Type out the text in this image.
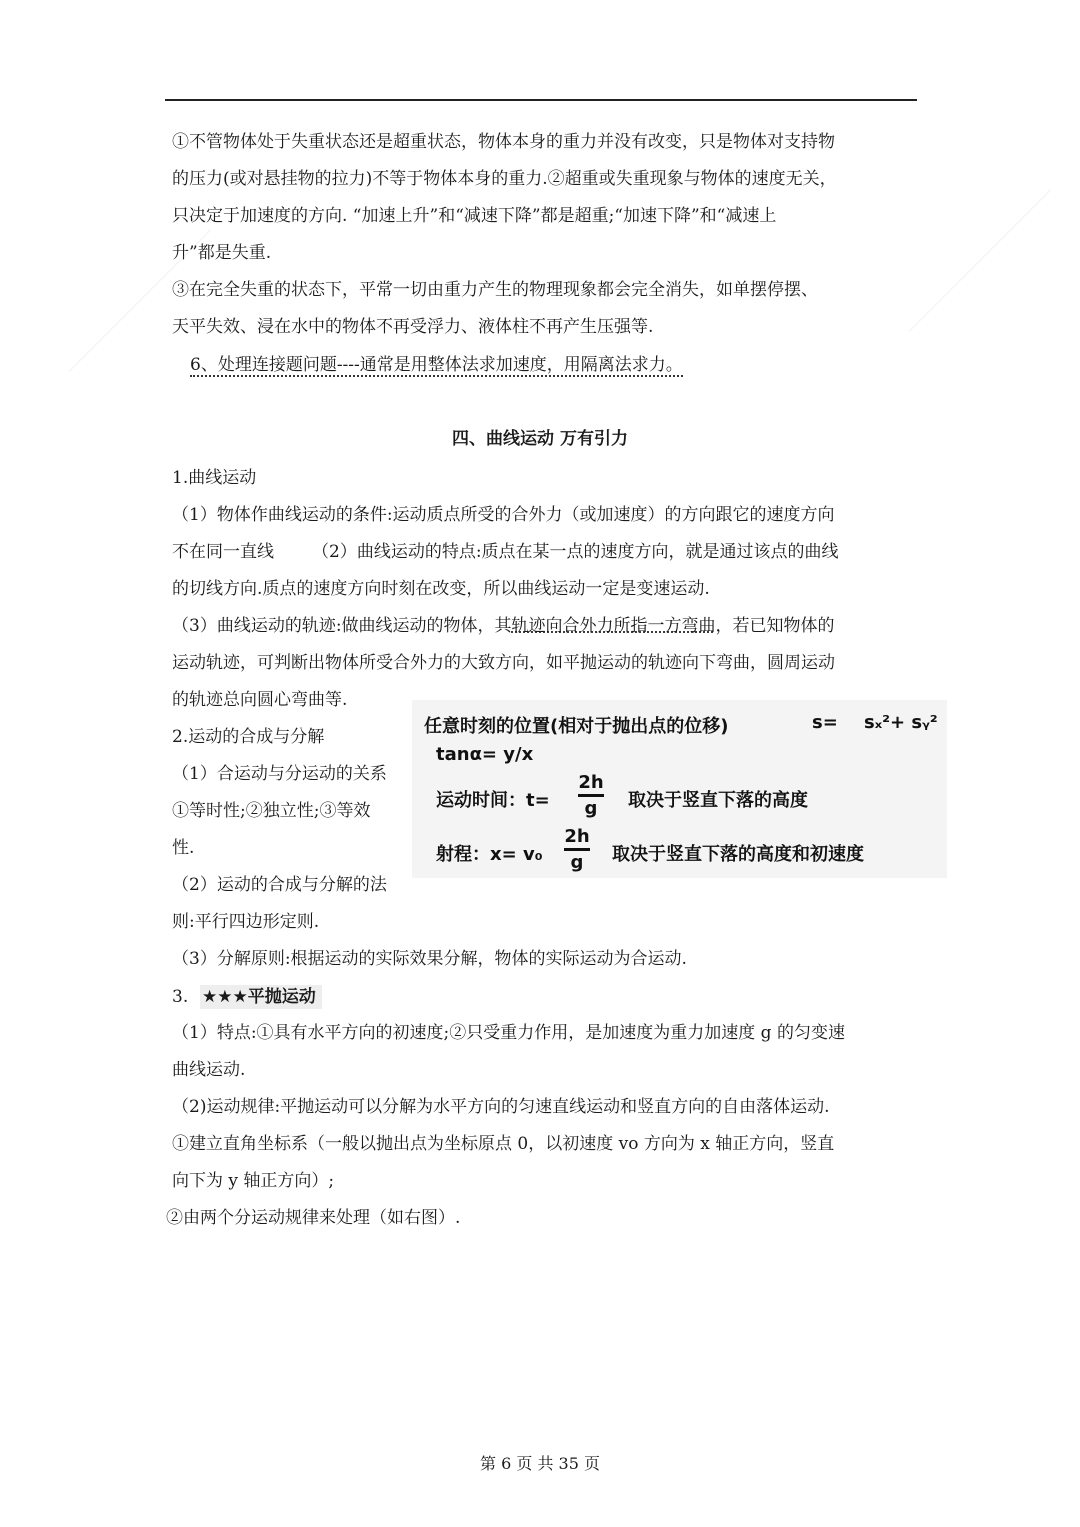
①不管物体处于失重状态还是超重状态，物体本身的重力并没有改变，只是物体对支持物
的压力(或对悬挂物的拉力)不等于物体本身的重力.②超重或失重现象与物体的速度无关，
只决定于加速度的方向. “加速上升”和“减速下降”都是超重;“加速下降”和“减速上
升”都是失重.
③在完全失重的状态下，平常一切由重力产生的物理现象都会完全消失，如单摆停摆、
天平失效、浸在水中的物体不再受浮力、液体柱不再产生压强等.
6、处理连接题问题----通常是用整体法求加速度，用隔离法求力。
四、曲线运动 万有引力
1.曲线运动
（1）物体作曲线运动的条件:运动质点所受的合外力（或加速度）的方向跟它的速度方向
不在同一直线 （2）曲线运动的特点:质点在某一点的速度方向，就是通过该点的曲线
的切线方向.质点的速度方向时刻在改变，所以曲线运动一定是变速运动.
（3）曲线运动的轨迹:做曲线运动的物体，其轨迹向合外力所指一方弯曲，若已知物体的
运动轨迹，可判断出物体所受合外力的大致方向，如平抛运动的轨迹向下弯曲，圆周运动
的轨迹总向圆心弯曲等.
2.运动的合成与分解
（1）合运动与分运动的关系
①等时性;②独立性;③等效
性.
（2）运动的合成与分解的法
则:平行四边形定则.
（3）分解原则:根据运动的实际效果分解，物体的实际运动为合运动.
3. ★★★平抛运动
（1）特点:①具有水平方向的初速度;②只受重力作用，是加速度为重力加速度 g 的匀变速
曲线运动.
（2)运动规律:平抛运动可以分解为水平方向的匀速直线运动和竖直方向的自由落体运动.
①建立直角坐标系（一般以抛出点为坐标原点 0，以初速度 vo 方向为 x 轴正方向，竖直
向下为 y 轴正方向）;
②由两个分运动规律来处理（如右图）.
任意时刻的位置(相对于抛出点的位移)	s= sₓ²+ sᵧ²
tanα= y/x
运动时间：t=
2h
g 取决于竖直下落的高度
射程：x= v₀
2h
g 取决于竖直下落的高度和初速度
第 6 页 共 35 页
